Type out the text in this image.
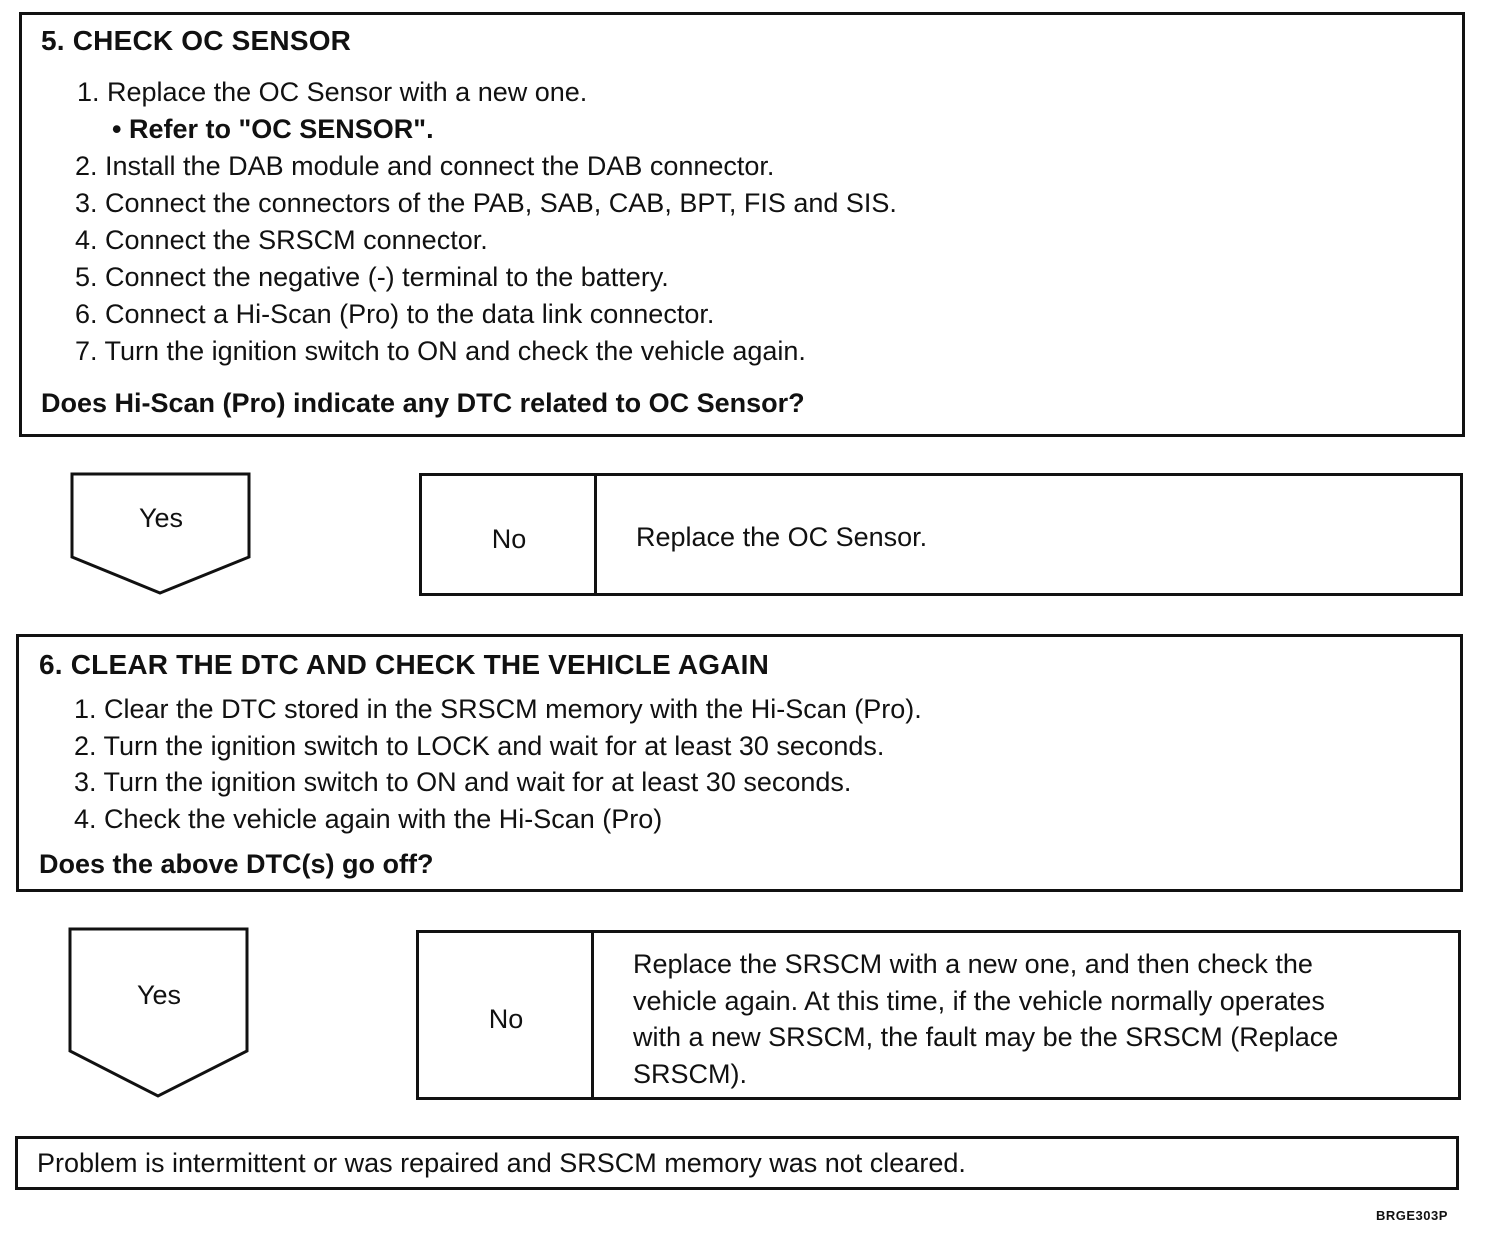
5. CHECK OC SENSOR
1. Replace the OC Sensor with a new one.
• Refer to "OC SENSOR".
2. Install the DAB module and connect the DAB connector.
3. Connect the connectors of the PAB, SAB, CAB, BPT, FIS and SIS.
4. Connect the SRSCM connector.
5. Connect the negative (-) terminal to the battery.
6. Connect a Hi-Scan (Pro) to the data link connector.
7. Turn the ignition switch to ON and check the vehicle again.
Does Hi-Scan (Pro) indicate any DTC related to OC Sensor?
Yes
No	Replace the OC Sensor.
6. CLEAR THE DTC AND CHECK THE VEHICLE AGAIN
1. Clear the DTC stored in the SRSCM memory with the Hi-Scan (Pro).
2. Turn the ignition switch to LOCK and wait for at least 30 seconds.
3. Turn the ignition switch to ON and wait for at least 30 seconds.
4. Check the vehicle again with the Hi-Scan (Pro)
Does the above DTC(s) go off?
Yes
No
Replace the SRSCM with a new one, and then check the
vehicle again. At this time, if the vehicle normally operates
with a new SRSCM, the fault may be the SRSCM (Replace
SRSCM).
Problem is intermittent or was repaired and SRSCM memory was not cleared.
BRGE303P
